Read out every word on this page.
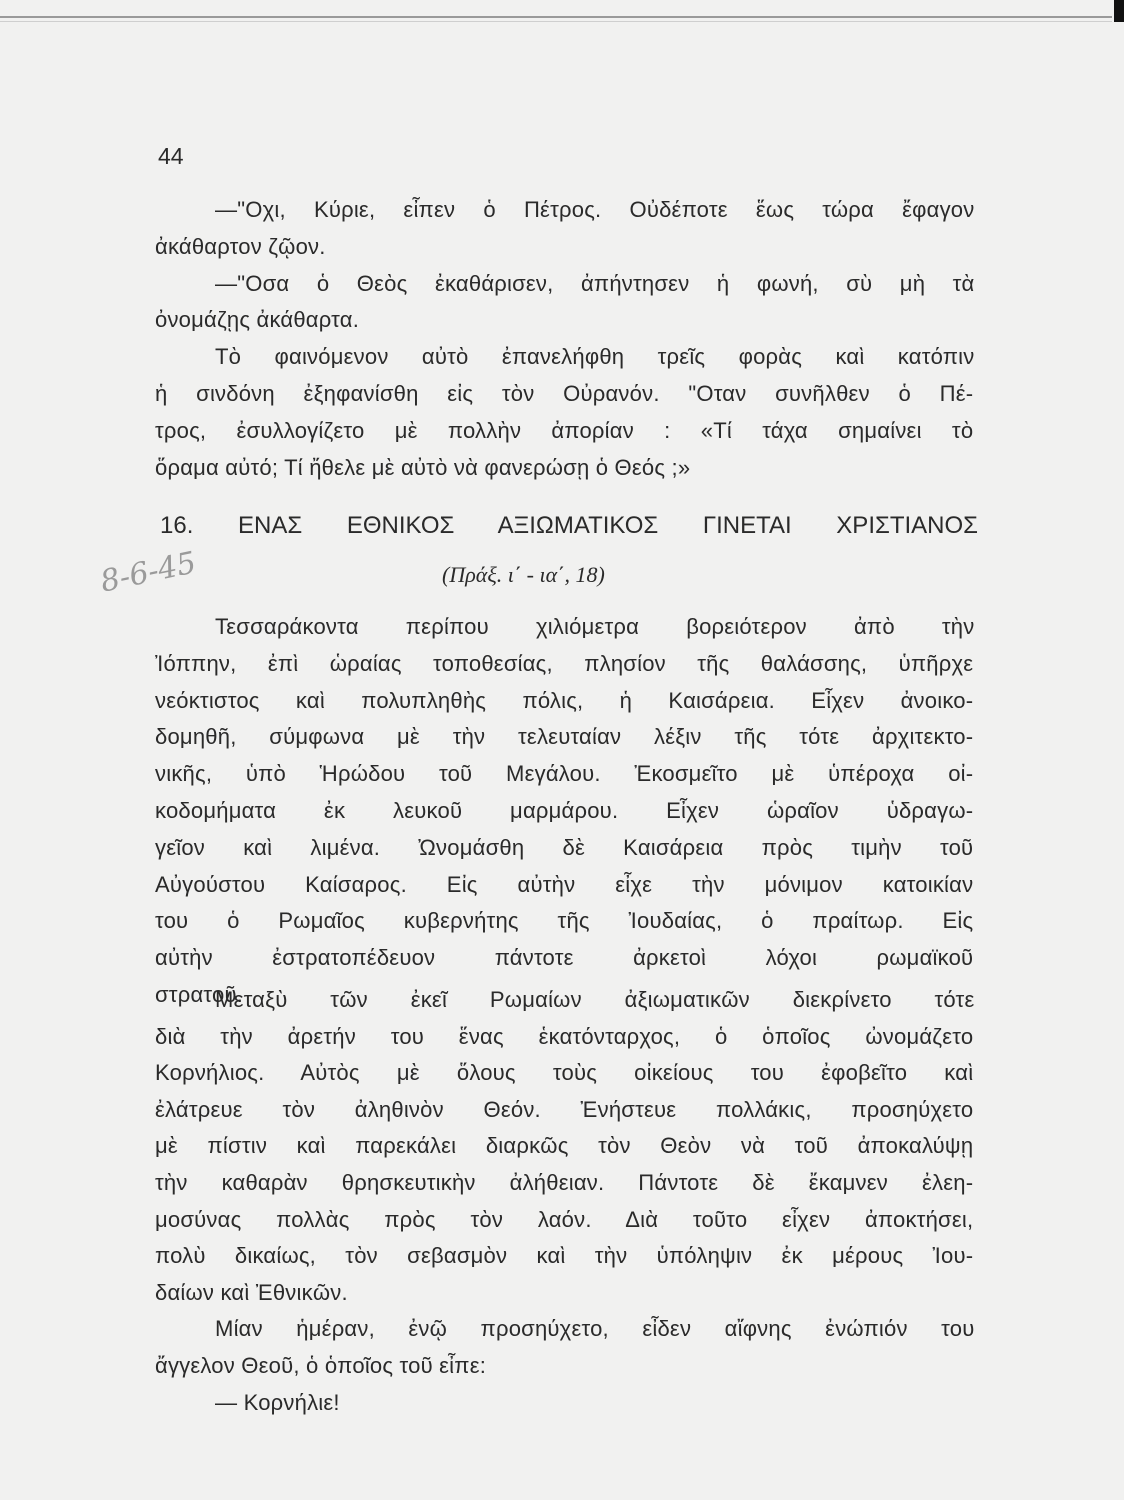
44
—"Οχι, Κύριε, εἶπεν ὁ Πέτρος. Οὐδέποτε ἕως τώρα ἔφαγον
ἀκάθαρτον ζῷον.
—"Οσα ὁ Θεὸς ἐκαθάρισεν, ἀπήντησεν ἡ φωνή, σὺ μὴ τὰ
ὀνομάζῃς ἀκάθαρτα.
Τὸ φαινόμενον αὐτὸ ἐπανελήφθη τρεῖς φορὰς καὶ κατόπιν
ἡ σινδόνη ἐξηφανίσθη εἰς τὸν Οὐρανόν. "Οταν συνῆλθεν ὁ Πέ-
τρος, ἐσυλλογίζετο μὲ πολλὴν ἀπορίαν : «Τί τάχα σημαίνει τὸ
ὅραμα αὐτό; Τί ἤθελε μὲ αὐτὸ νὰ φανερώσῃ ὁ Θεός ;»
16. ΕΝΑΣ ΕΘΝΙΚΟΣ ΑΞΙΩΜΑΤΙΚΟΣ ΓΙΝΕΤΑΙ ΧΡΙΣΤΙΑΝΟΣ
8-6-45	(Πράξ. ι΄ - ια΄, 18)
Τεσσαράκοντα περίπου χιλιόμετρα βορειότερον ἀπὸ τὴν
Ἰόππην, ἐπὶ ὡραίας τοποθεσίας, πλησίον τῆς θαλάσσης, ὑπῆρχε
νεόκτιστος καὶ πολυπληθὴς πόλις, ἡ Καισάρεια. Εἶχεν ἀνοικο-
δομηθῆ, σύμφωνα μὲ τὴν τελευταίαν λέξιν τῆς τότε ἀρχιτεκτο-
νικῆς, ὑπὸ Ἡρώδου τοῦ Μεγάλου. Ἐκοσμεῖτο μὲ ὑπέροχα οἰ-
κοδομήματα ἐκ λευκοῦ μαρμάρου. Εἶχεν ὡραῖον ὑδραγω-
γεῖον καὶ λιμένα. Ὠνομάσθη δὲ Καισάρεια πρὸς τιμὴν τοῦ
Αὐγούστου Καίσαρος. Εἰς αὐτὴν εἶχε τὴν μόνιμον κατοικίαν
του ὁ Ρωμαῖος κυβερνήτης τῆς Ἰουδαίας, ὁ πραίτωρ. Εἰς
αὐτὴν ἐστρατοπέδευον πάντοτε ἀρκετοὶ λόχοι ρωμαϊκοῦ
στρατοῦ.
Μεταξὺ τῶν ἐκεῖ Ρωμαίων ἀξιωματικῶν διεκρίνετο τότε
διὰ τὴν ἀρετήν του ἕνας ἑκατόνταρχος, ὁ ὁποῖος ὠνομάζετο
Κορνήλιος. Αὐτὸς μὲ ὅλους τοὺς οἰκείους του ἐφοβεῖτο καὶ
ἐλάτρευε τὸν ἀληθινὸν Θεόν. Ἐνήστευε πολλάκις, προσηύχετο
μὲ πίστιν καὶ παρεκάλει διαρκῶς τὸν Θεὸν νὰ τοῦ ἀποκαλύψῃ
τὴν καθαρὰν θρησκευτικὴν ἀλήθειαν. Πάντοτε δὲ ἔκαμνεν ἐλεη-
μοσύνας πολλὰς πρὸς τὸν λαόν. Διὰ τοῦτο εἶχεν ἀποκτήσει,
πολὺ δικαίως, τὸν σεβασμὸν καὶ τὴν ὑπόληψιν ἐκ μέρους Ἰου-
δαίων καὶ Ἐθνικῶν.
Μίαν ἡμέραν, ἐνῷ προσηύχετο, εἶδεν αἴφνης ἐνώπιόν του
ἄγγελον Θεοῦ, ὁ ὁποῖος τοῦ εἶπε:
— Κορνήλιε!
